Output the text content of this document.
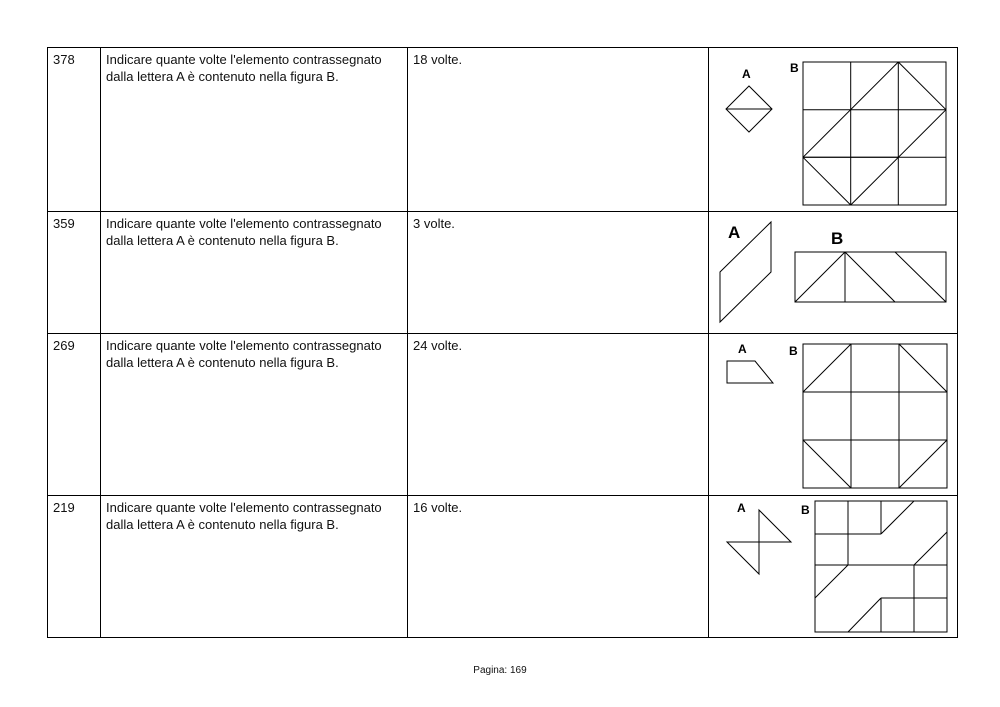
378	Indicare quante volte l'elemento contrassegnato dalla lettera A è contenuto nella figura B.	18 volte.	A B

359	Indicare quante volte l'elemento contrassegnato dalla lettera A è contenuto nella figura B.	3 volte.	A B

269	Indicare quante volte l'elemento contrassegnato dalla lettera A è contenuto nella figura B.	24 volte.	A B

219	Indicare quante volte l'elemento contrassegnato dalla lettera A è contenuto nella figura B.	16 volte.	A B
Pagina: 169
